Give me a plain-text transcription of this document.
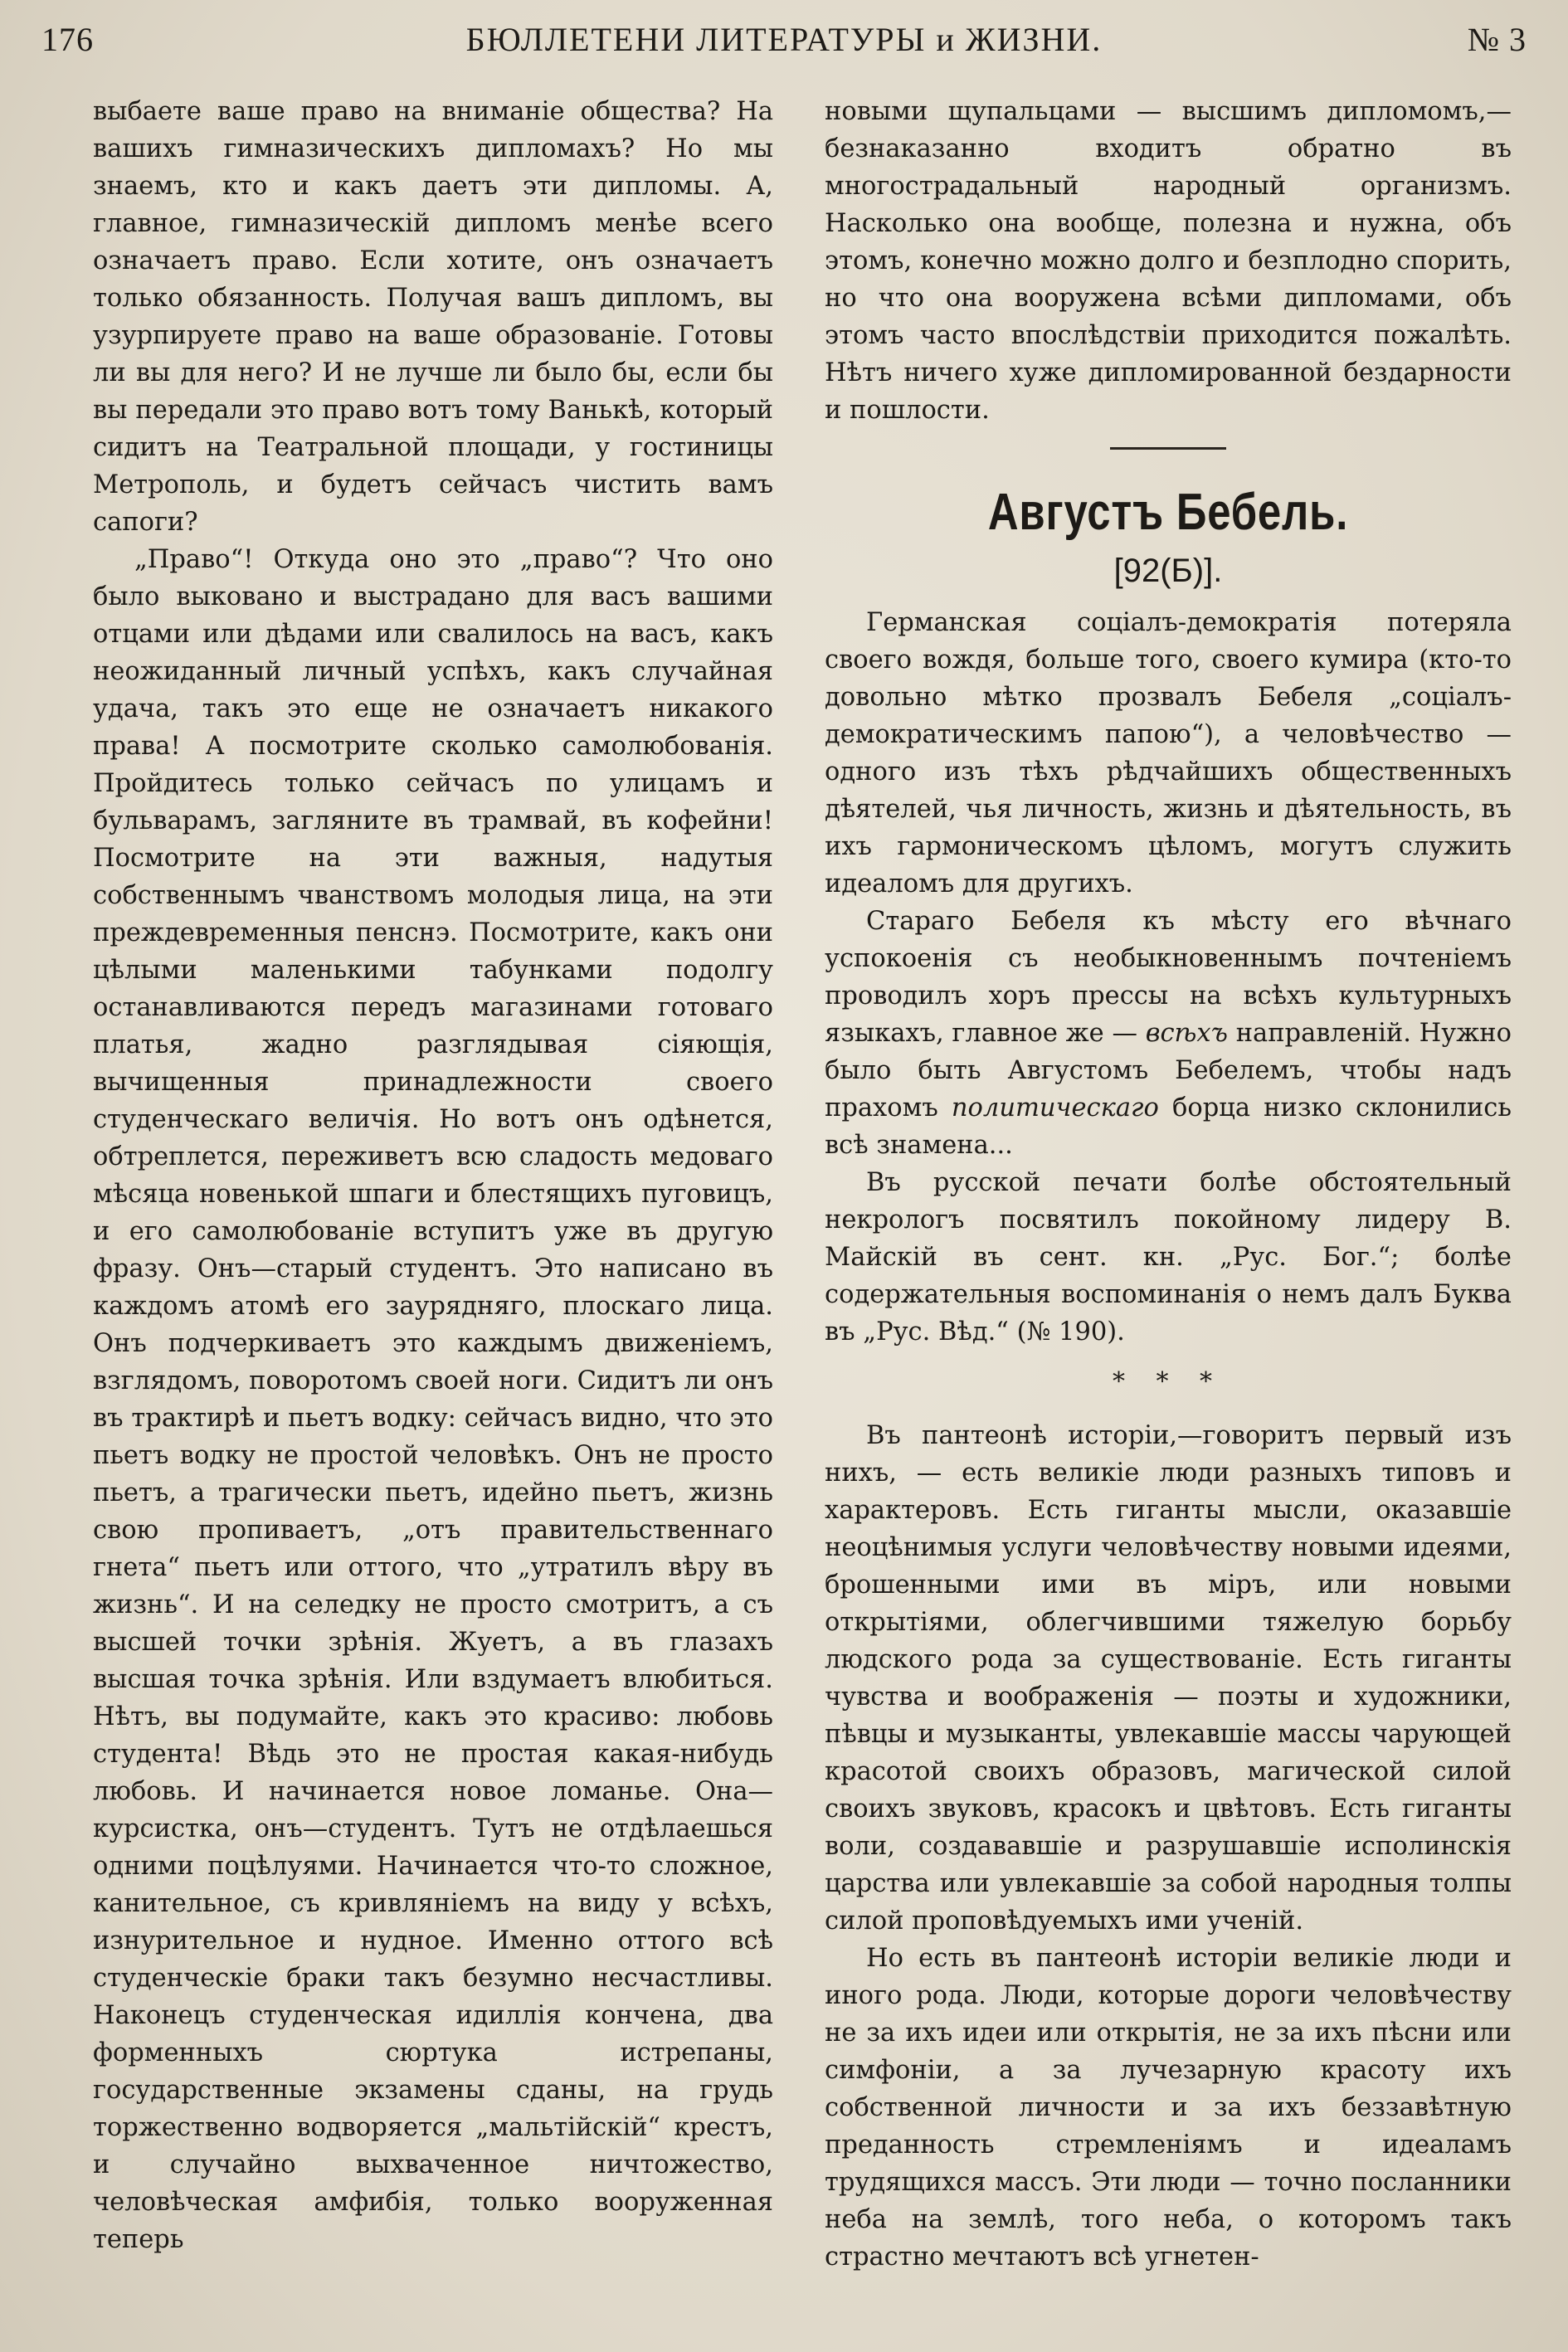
176	БЮЛЛЕТЕНИ ЛИТЕРАТУРЫ и ЖИЗНИ.	№ 3

выбаете ваше право на вниманіе общества? На вашихъ гимназическихъ дипломахъ? Но мы знаемъ, кто и какъ даетъ эти дипломы. А, главное, гимназическій дипломъ менѣе всего означаетъ право. Если хотите, онъ означаетъ только обязанность. Получая вашъ дипломъ, вы узурпируете право на ваше образованіе. Готовы ли вы для него? И не лучше ли было бы, если бы вы передали это право вотъ тому Ванькѣ, который сидитъ на Театральной площади, у гостиницы Метрополь, и будетъ сейчасъ чистить вамъ сапоги?

„Право“! Откуда оно это „право“? Что оно было выковано и выстрадано для васъ вашими отцами или дѣдами или свалилось на васъ, какъ неожиданный личный успѣхъ, какъ случайная удача, такъ это еще не означаетъ никакого права! А посмотрите сколько самолюбованія. Пройдитесь только сейчасъ по улицамъ и бульварамъ, загляните въ трамвай, въ кофейни! Посмотрите на эти важныя, надутыя собственнымъ чванствомъ молодыя лица, на эти преждевременныя пенснэ. Посмотрите, какъ они цѣлыми маленькими табунками подолгу останавливаются передъ магазинами готоваго платья, жадно разглядывая сіяющія, вычищенныя принадлежности своего студенческаго величія. Но вотъ онъ одѣнется, обтреплется, переживетъ всю сладость медоваго мѣсяца новенькой шпаги и блестящихъ пуговицъ, и его самолюбованіе вступитъ уже въ другую фразу. Онъ—старый студентъ. Это написано въ каждомъ атомѣ его заурядняго, плоскаго лица. Онъ подчеркиваетъ это каждымъ движеніемъ, взглядомъ, поворотомъ своей ноги. Сидитъ ли онъ въ трактирѣ и пьетъ водку: сейчасъ видно, что это пьетъ водку не простой человѣкъ. Онъ не просто пьетъ, а трагически пьетъ, идейно пьетъ, жизнь свою пропиваетъ, „отъ правительственнаго гнета“ пьетъ или оттого, что „утратилъ вѣру въ жизнь“. И на селедку не просто смотритъ, а съ высшей точки зрѣнія. Жуетъ, а въ глазахъ высшая точка зрѣнія. Или вздумаетъ влюбиться. Нѣтъ, вы подумайте, какъ это красиво: любовь студента! Вѣдь это не простая какая-нибудь любовь. И начинается новое ломанье. Она—курсистка, онъ—студентъ. Тутъ не отдѣлаешься одними поцѣлуями. Начинается что-то сложное, канительное, съ кривляніемъ на виду у всѣхъ, изнурительное и нудное. Именно оттого всѣ студенческіе браки такъ безумно несчастливы. Наконецъ студенческая идиллія кончена, два форменныхъ сюртука истрепаны, государственные экзамены сданы, на грудь торжественно водворяется „мальтійскій“ крестъ, и случайно выхваченное ничтожество, человѣческая амфибія, только вооруженная теперь

новыми щупальцами — высшимъ дипломомъ,— безнаказанно входитъ обратно въ многострадальный народный организмъ. Насколько она вообще, полезна и нужна, объ этомъ, конечно можно долго и безплодно спорить, но что она вооружена всѣми дипломами, объ этомъ часто впослѣдствіи приходится пожалѣть. Нѣтъ ничего хуже дипломированной бездарности и пошлости.

Августъ Бебель.
[92(Б)].

Германская соціалъ-демократія потеряла своего вождя, больше того, своего кумира (кто-то довольно мѣтко прозвалъ Бебеля „соціалъ-демократическимъ папою“), а человѣчество — одного изъ тѣхъ рѣдчайшихъ общественныхъ дѣятелей, чья личность, жизнь и дѣятельность, въ ихъ гармоническомъ цѣломъ, могутъ служить идеаломъ для другихъ.

Стараго Бебеля къ мѣсту его вѣчнаго успокоенія съ необыкновеннымъ почтеніемъ проводилъ хоръ прессы на всѣхъ культурныхъ языкахъ, главное же — всѣхъ направленій. Нужно было быть Августомъ Бебелемъ, чтобы надъ прахомъ политическаго борца низко склонились всѣ знамена...

Въ русской печати болѣе обстоятельный некрологъ посвятилъ покойному лидеру В. Майскій въ сент. кн. „Рус. Бог.“; болѣе содержательныя воспоминанія о немъ далъ Буква въ „Рус. Вѣд.“ (№ 190).

* * *

Въ пантеонѣ исторіи,—говоритъ первый изъ нихъ, — есть великіе люди разныхъ типовъ и характеровъ. Есть гиганты мысли, оказавшіе неоцѣнимыя услуги человѣчеству новыми идеями, брошенными ими въ міръ, или новыми открытіями, облегчившими тяжелую борьбу людского рода за существованіе. Есть гиганты чувства и воображенія — поэты и художники, пѣвцы и музыканты, увлекавшіе массы чарующей красотой своихъ образовъ, магической силой своихъ звуковъ, красокъ и цвѣтовъ. Есть гиганты воли, создававшіе и разрушавшіе исполинскія царства или увлекавшіе за собой народныя толпы силой проповѣдуемыхъ ими ученій.

Но есть въ пантеонѣ исторіи великіе люди и иного рода. Люди, которые дороги человѣчеству не за ихъ идеи или открытія, не за ихъ пѣсни или симфоніи, а за лучезарную красоту ихъ собственной личности и за ихъ беззавѣтную преданность стремленіямъ и идеаламъ трудящихся массъ. Эти люди — точно посланники неба на землѣ, того неба, о которомъ такъ страстно мечтаютъ всѣ угнетен-
